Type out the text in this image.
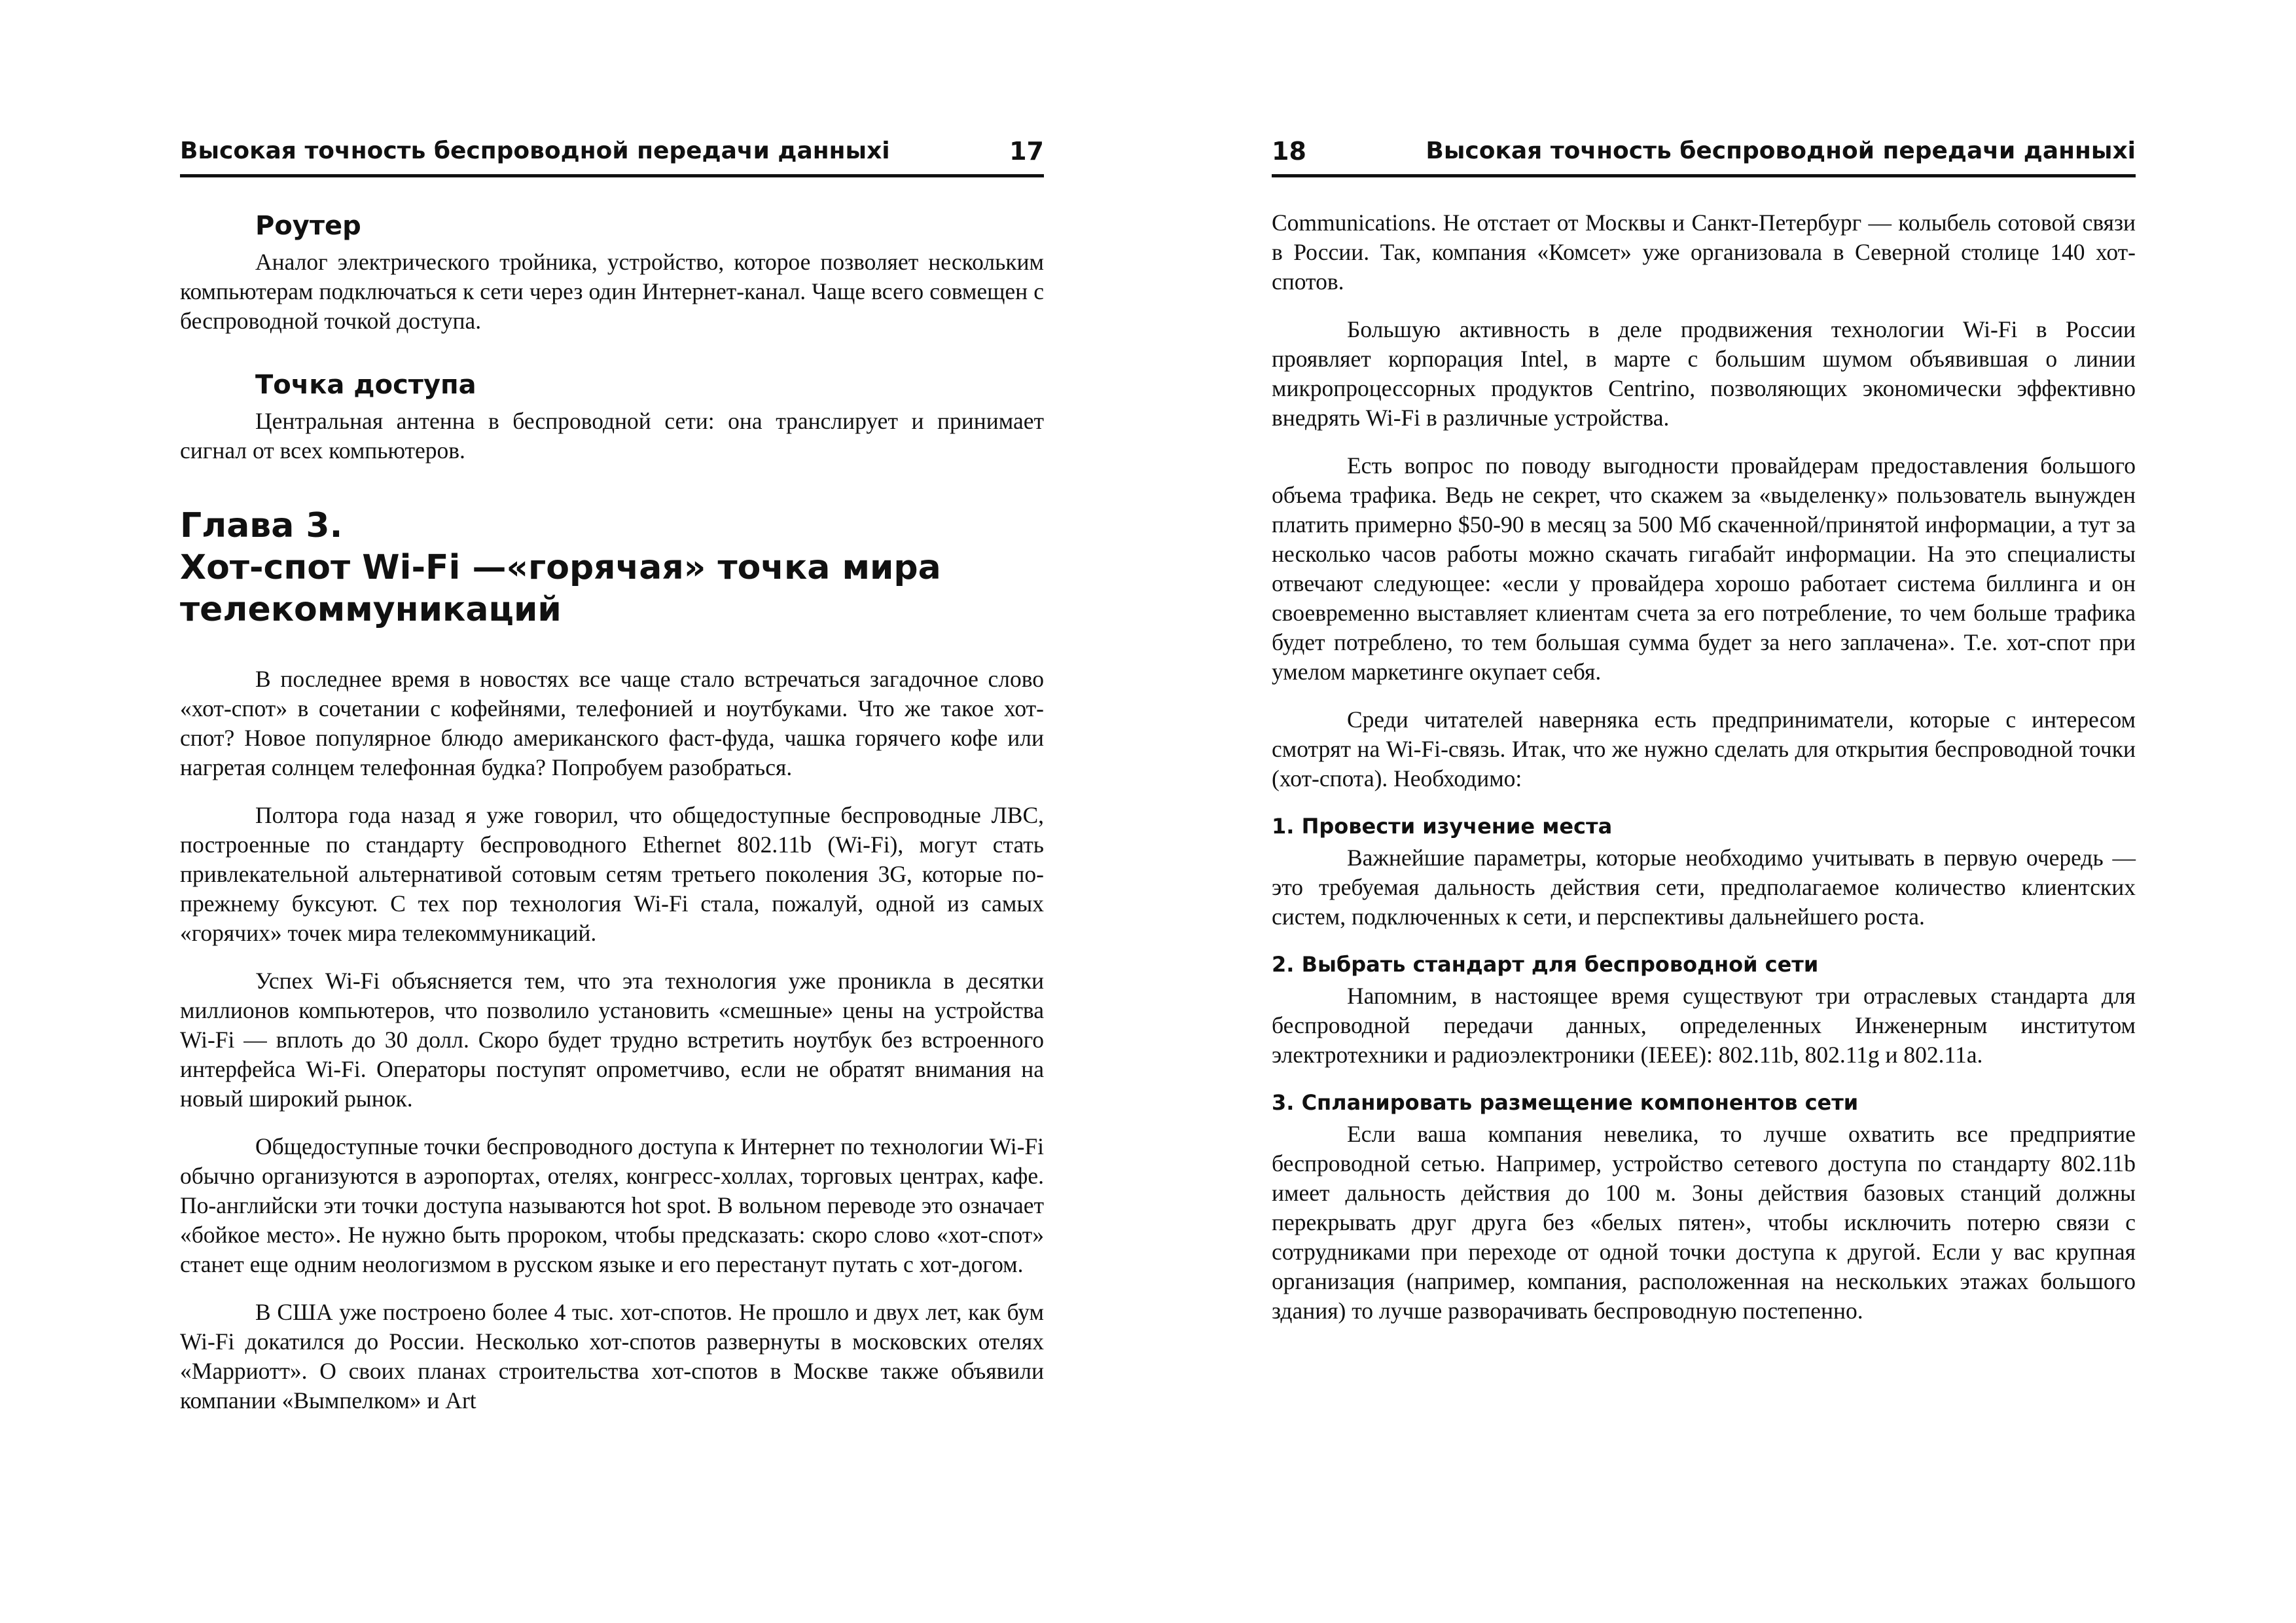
Высокая точность беспроводной передачи данныхі	17
Роутер

Аналог электрического тройника, устройство, которое позволяет нескольким компьютерам подключаться к сети через один Интернет-канал. Чаще всего совмещен с беспроводной точкой доступа.

Точка доступа

Центральная антенна в беспроводной сети: она транслирует и принимает сигнал от всех компьютеров.

Глава 3.
Хот-спот Wi-Fi —«горячая» точка мира
телекоммуникаций

В последнее время в новостях все чаще стало встречаться загадочное слово «хот-спот» в сочетании с кофейнями, телефонией и ноутбуками. Что же такое хот-спот? Новое популярное блюдо американского фаст-фуда, чашка горячего кофе или нагретая солнцем телефонная будка? Попробуем разобраться.

Полтора года назад я уже говорил, что общедоступные беспроводные ЛВС, построенные по стандарту беспроводного Ethernet 802.11b (Wi-Fi), могут стать привлекательной альтернативой сотовым сетям третьего поколения 3G, которые по-прежнему буксуют. С тех пор технология Wi-Fi стала, пожалуй, одной из самых «горячих» точек мира телекоммуникаций.

Успех Wi-Fi объясняется тем, что эта технология уже проникла в десятки миллионов компьютеров, что позволило установить «смешные» цены на устройства Wi-Fi — вплоть до 30 долл. Скоро будет трудно встретить ноутбук без встроенного интерфейса Wi-Fi. Операторы поступят опрометчиво, если не обратят внимания на новый широкий рынок.

Общедоступные точки беспроводного доступа к Интернет по технологии Wi-Fi обычно организуются в аэропортах, отелях, конгресс-холлах, торговых центрах, кафе. По-английски эти точки доступа называются hot spot. В вольном переводе это означает «бойкое место». Не нужно быть пророком, чтобы предсказать: скоро слово «хот-спот» станет еще одним неологизмом в русском языке и его перестанут путать с хот-догом.

В США уже построено более 4 тыс. хот-спотов. Не прошло и двух лет, как бум Wi-Fi докатился до России. Несколько хот-спотов развернуты в московских отелях «Марриотт». О своих планах строительства хот-спотов в Москве также объявили компании «Вымпелком» и Art

18	Высокая точность беспроводной передачи данныхі

Communications. Не отстает от Москвы и Санкт-Петербург — колыбель сотовой связи в России. Так, компания «Комсет» уже организовала в Северной столице 140 хот-спотов.

Большую активность в деле продвижения технологии Wi-Fi в России проявляет корпорация Intel, в марте с большим шумом объявившая о линии микропроцессорных продуктов Centrino, позволяющих экономически эффективно внедрять Wi-Fi в различные устройства.

Есть вопрос по поводу выгодности провайдерам предоставления большого объема трафика. Ведь не секрет, что скажем за «выделенку» пользователь вынужден платить примерно $50-90 в месяц за 500 Мб скаченной/принятой информации, а тут за несколько часов работы можно скачать гигабайт информации. На это специалисты отвечают следующее: «если у провайдера хорошо работает система биллинга и он своевременно выставляет клиентам счета за его потребление, то чем больше трафика будет потреблено, то тем большая сумма будет за него заплачена». Т.е. хот-спот при умелом маркетинге окупает себя.

Среди читателей наверняка есть предприниматели, которые с интересом смотрят на Wi-Fi-связь. Итак, что же нужно сделать для открытия беспроводной точки (хот-спота). Необходимо:

1. Провести изучение места

Важнейшие параметры, которые необходимо учитывать в первую очередь — это требуемая дальность действия сети, предполагаемое количество клиентских систем, подключенных к сети, и перспективы дальнейшего роста.

2. Выбрать стандарт для беспроводной сети

Напомним, в настоящее время существуют три отраслевых стандарта для беспроводной передачи данных, определенных Инженерным институтом электротехники и радиоэлектроники (IEEE): 802.11b, 802.11g и 802.11a.

3. Спланировать размещение компонентов сети

Если ваша компания невелика, то лучше охватить все предприятие беспроводной сетью. Например, устройство сетевого доступа по стандарту 802.11b имеет дальность действия до 100 м. Зоны действия базовых станций должны перекрывать друг друга без «белых пятен», чтобы исключить потерю связи с сотрудниками при переходе от одной точки доступа к другой. Если у вас крупная организация (например, компания, расположенная на нескольких этажах большого здания) то лучше разворачивать беспроводную постепенно.
